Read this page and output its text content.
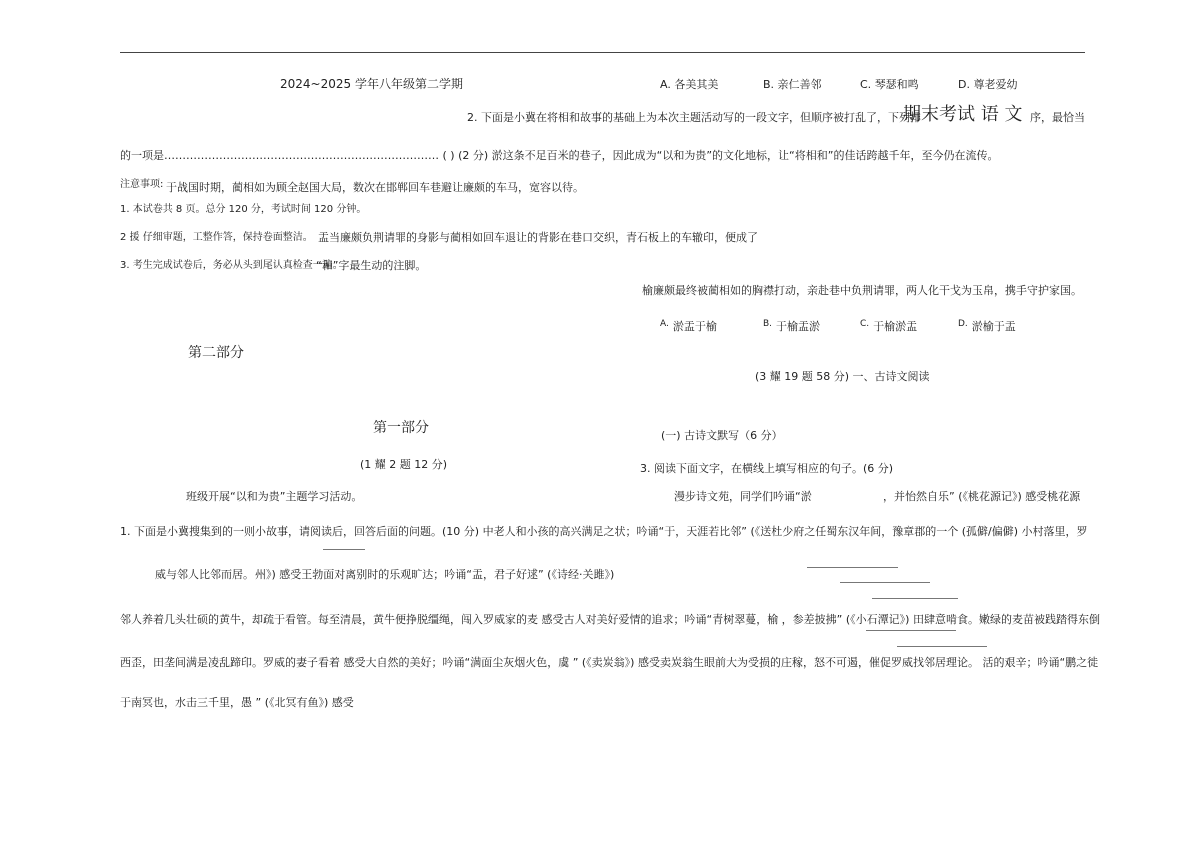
2024~2025 学年八年级第二学期	A. 各美其美	B. 亲仁善邻	C. 琴瑟和鸣	D. 尊老爱幼
2. 下面是小冀在将相和故事的基础上为本次主题活动写的一段文字，但顺序被打乱了，下列排
期末考试 语 文 序，最恰当
的一项是………………………………………………………………… ( ) (2 分) 淤这条不足百米的巷子，因此成为“以和为贵”的文化地标，让“将相和”的佳话跨越千年，至今仍在流传。
注意事项: 于战国时期，蔺相如为顾全赵国大局，数次在邯郸回车巷避让廉颇的车马，宽容以待。
1. 本试卷共 8 页。总分 120 分，考试时间 120 分钟。
2 援 仔细审题，工整作答，保持卷面整洁。 盂当廉颇负荆请罪的身影与蔺相如回车退让的背影在巷口交织，青石板上的车辙印，便成了
3. 考生完成试卷后，务必从头到尾认真检查一遍。
“和”字最生动的注脚。
榆廉颇最终被蔺相如的胸襟打动，亲赴巷中负荆请罪，两人化干戈为玉帛，携手守护家国。
$^{A.}$ 淤盂于榆	$^{B.}$ 于榆盂淤	$^{C.}$ 于榆淤盂	$^{D.}$ 淤榆于盂
第二部分
(3 耀 19 题 58 分) 一、古诗文阅读
第一部分	(一) 古诗文默写（6 分）
(1 耀 2 题 12 分)	3. 阅读下面文字，在横线上填写相应的句子。(6 分)
班级开展“以和为贵”主题学习活动。	漫步诗文苑，同学们吟诵“淤	，并怡然自乐” (《桃花源记》) 感受桃花源
1. 下面是小冀搜集到的一则小故事，请阅读后，回答后面的问题。(10 分) 中老人和小孩的高兴满足之状；吟诵“于，天涯若比邻” (《送杜少府之任蜀东汉年间，豫章郡的一个 (孤僻/偏僻) 小村落里，罗
威与邻人比邻而居。 州》) 感受王勃面对离别时的乐观旷达；吟诵“盂，君子好逑” (《诗经·关雎》)
邻人养着几头壮硕的黄牛，却疏于看管。每至清晨，黄牛便挣脱缰绳，闯入罗威家的麦 感受古人对美好爱情的追求；吟诵“青树翠蔓，榆 ，参差披拂” (《小石潭记》) 田肆意啃食。嫩绿的麦苗被践踏得东倒
西歪，田垄间满是凌乱蹄印。罗威的妻子看着 感受大自然的美好；吟诵“满面尘灰烟火色，虞 ” (《卖炭翁》) 感受卖炭翁生眼前大为受损的庄稼，怒不可遏，催促罗威找邻居理论。 活的艰辛；吟诵“鹏之徙
于南冥也，水击三千里，愚 ” (《北冥有鱼》) 感受
